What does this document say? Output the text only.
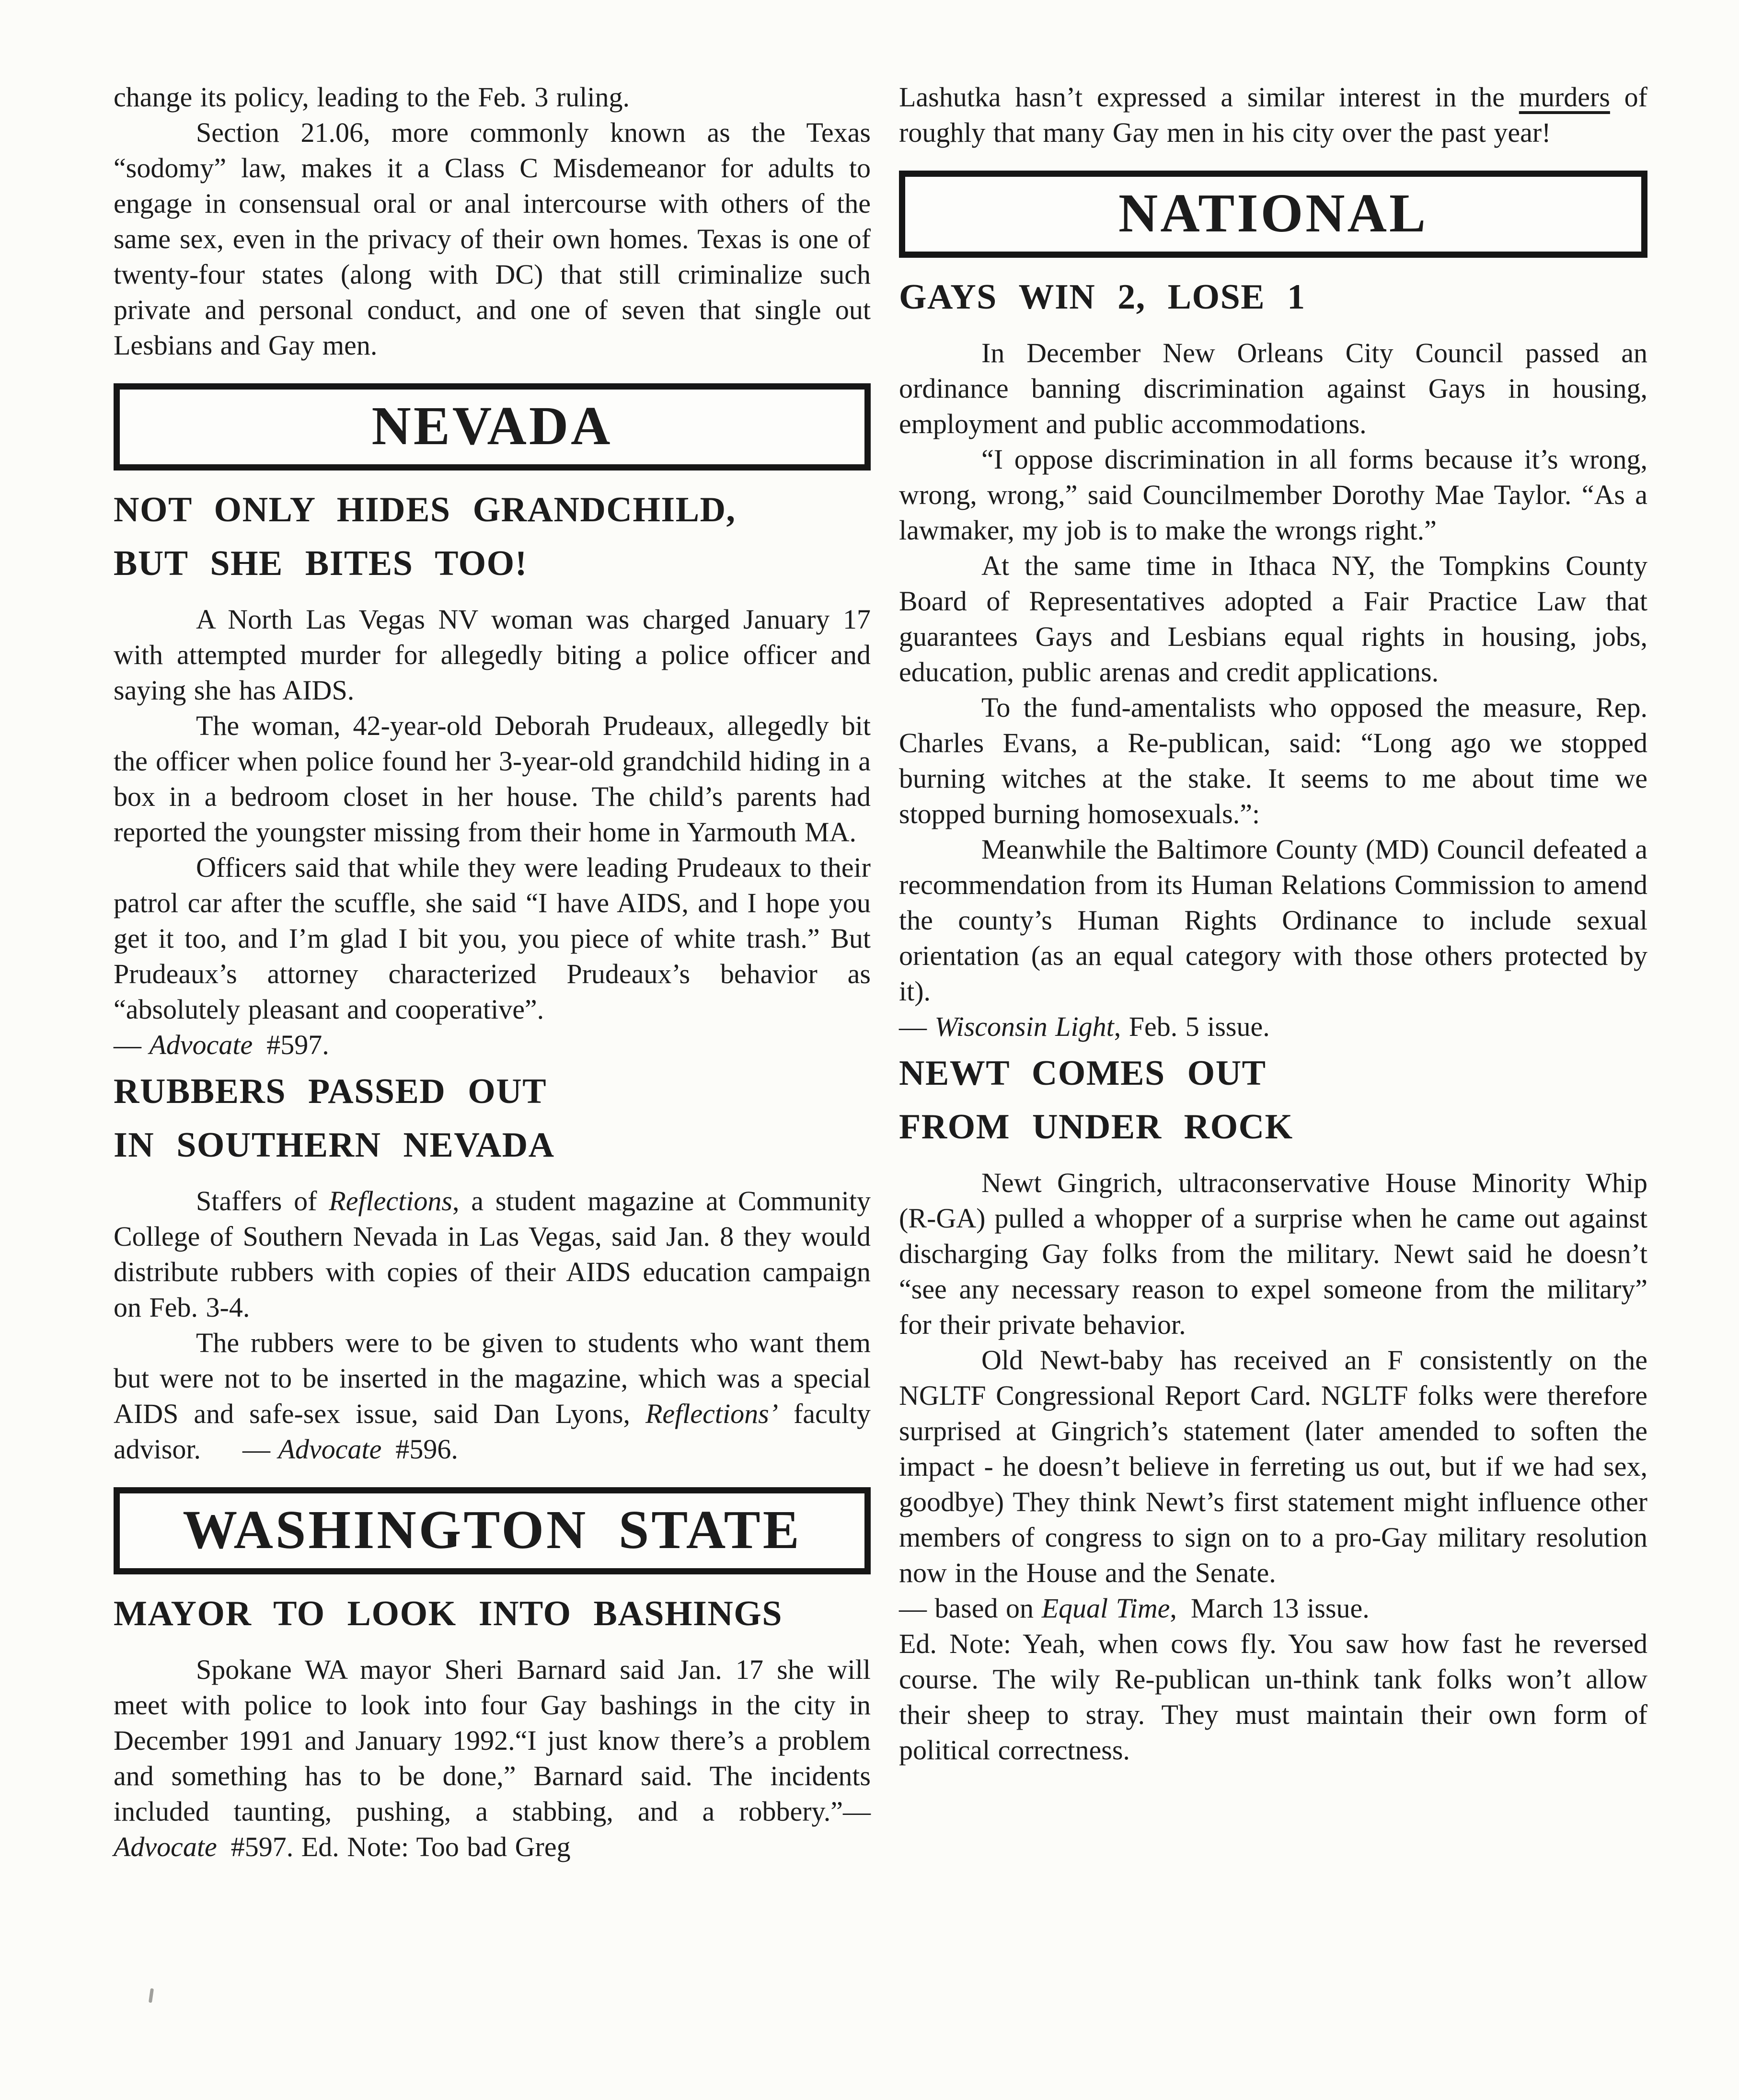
change its policy, leading to the Feb. 3 ruling.

Section 21.06, more commonly known as the Texas “sodomy” law, makes it a Class C Misdemeanor for adults to engage in consensual oral or anal intercourse with others of the same sex, even in the privacy of their own homes. Texas is one of twenty-four states (along with DC) that still criminalize such private and personal conduct, and one of seven that single out Lesbians and Gay men.

NEVADA
NOT ONLY HIDES GRANDCHILD,
BUT SHE BITES TOO!

A North Las Vegas NV woman was charged January 17 with attempted murder for allegedly biting a police officer and saying she has AIDS.

The woman, 42-year-old Deborah Prudeaux, allegedly bit the officer when police found her 3-year-old grandchild hiding in a box in a bedroom closet in her house. The child’s parents had reported the youngster missing from their home in Yarmouth MA.

Officers said that while they were leading Prudeaux to their patrol car after the scuffle, she said “I have AIDS, and I hope you get it too, and I’m glad I bit you, you piece of white trash.” But Prudeaux’s attorney characterized Prudeaux’s behavior as “absolutely pleasant and cooperative”.

— Advocate #597.

RUBBERS PASSED OUT
IN SOUTHERN NEVADA

Staffers of Reflections, a student magazine at Community College of Southern Nevada in Las Vegas, said Jan. 8 they would distribute rubbers with copies of their AIDS education campaign on Feb. 3-4.

The rubbers were to be given to students who want them but were not to be inserted in the magazine, which was a special AIDS and safe-sex issue, said Dan Lyons, Reflections’ faculty advisor.  — Advocate #596.

WASHINGTON STATE
MAYOR TO LOOK INTO BASHINGS

Spokane WA mayor Sheri Barnard said Jan. 17 she will meet with police to look into four Gay bashings in the city in December 1991 and January 1992.“I just know there’s a problem and something has to be done,” Barnard said. The incidents included taunting, pushing, a stabbing, and a robbery.”—Advocate #597. Ed. Note: Too bad Greg

Lashutka hasn’t expressed a similar interest in the murders of roughly that many Gay men in his city over the past year!

NATIONAL
GAYS WIN 2, LOSE 1

In December New Orleans City Council passed an ordinance banning discrimination against Gays in housing, employment and public accommodations.

“I oppose discrimination in all forms because it’s wrong, wrong, wrong,” said Councilmember Dorothy Mae Taylor. “As a lawmaker, my job is to make the wrongs right.”

At the same time in Ithaca NY, the Tompkins County Board of Representatives adopted a Fair Practice Law that guarantees Gays and Lesbians equal rights in housing, jobs, education, public arenas and credit applications.

To the fund-amentalists who opposed the measure, Rep. Charles Evans, a Re-publican, said: “Long ago we stopped burning witches at the stake. It seems to me about time we stopped burning homosexuals.”:

Meanwhile the Baltimore County (MD) Council defeated a recommendation from its Human Relations Commission to amend the county’s Human Rights Ordinance to include sexual orientation (as an equal category with those others protected by it).

— Wisconsin Light, Feb. 5 issue.

NEWT COMES OUT
FROM UNDER ROCK

Newt Gingrich, ultraconservative House Minority Whip (R-GA) pulled a whopper of a surprise when he came out against discharging Gay folks from the military. Newt said he doesn’t “see any necessary reason to expel someone from the military” for their private behavior.

Old Newt-baby has received an F consistently on the NGLTF Congressional Report Card. NGLTF folks were therefore surprised at Gingrich’s statement (later amended to soften the impact - he doesn’t believe in ferreting us out, but if we had sex, goodbye) They think Newt’s first statement might influence other members of congress to sign on to a pro-Gay military resolution now in the House and the Senate.

— based on Equal Time, March 13 issue.

Ed. Note: Yeah, when cows fly. You saw how fast he reversed course. The wily Re-publican un-think tank folks won’t allow their sheep to stray. They must maintain their own form of political correctness.
